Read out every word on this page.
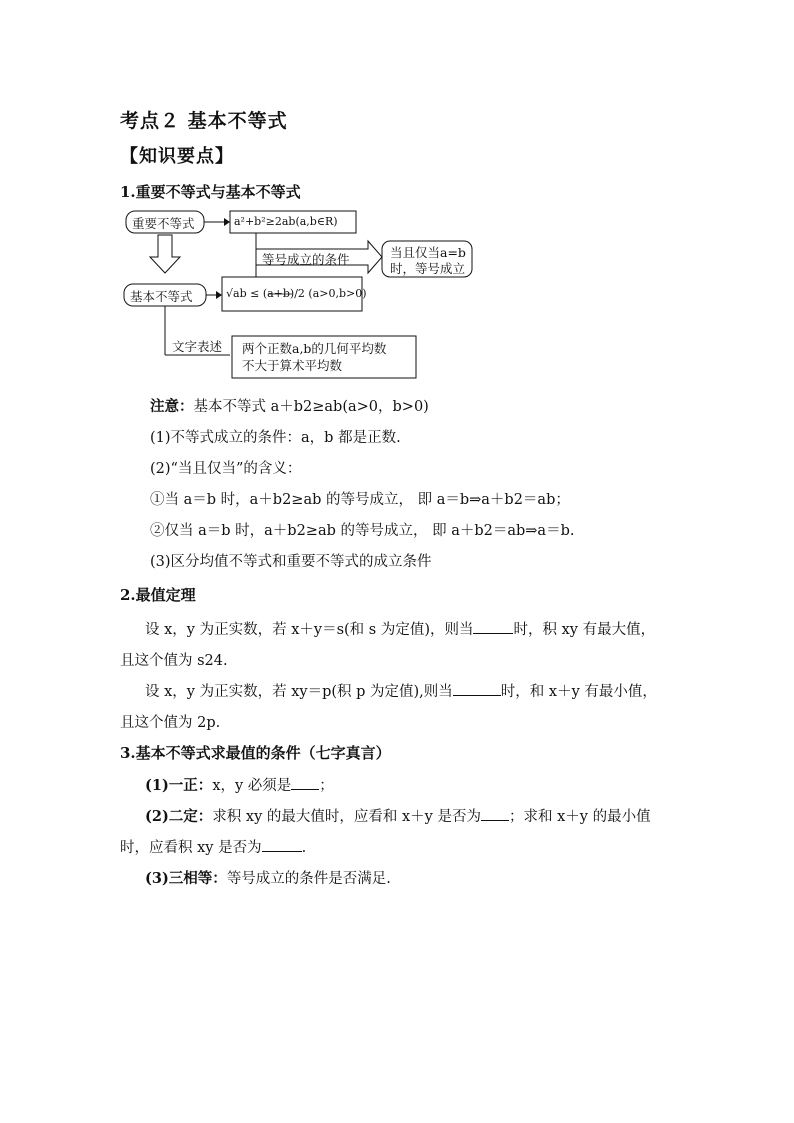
考点２ 基本不等式
【知识要点】
1.重要不等式与基本不等式
重要不等式	a²+b²≥2ab(a,b∈R)
基本不等式	√ab ≤ (a+b)/2 (a>0,b>0)
等号成立的条件	当且仅当a=b
时，等号成立
文字表述 两个正数a,b的几何平均数
不大于算术平均数
注意：基本不等式 a＋b2≥ab(a>0，b>0)
(1)不等式成立的条件：a，b 都是正数.
(2)“当且仅当”的含义：
①当 a＝b 时，a＋b2≥ab 的等号成立， 即 a＝b⇒a＋b2＝ab；
②仅当 a＝b 时，a＋b2≥ab 的等号成立， 即 a＋b2＝ab⇒a＝b.
(3)区分均值不等式和重要不等式的成立条件
2.最值定理
设 x，y 为正实数，若 x＋y＝s(和 s 为定值)，则当	时，积 xy 有最大值，
且这个值为 s24.
设 x，y 为正实数，若 xy＝p(积 p 为定值),则当	时，和 x＋y 有最小值，
且这个值为 2p.
3.基本不等式求最值的条件（七字真言）
(1)一正：x，y 必须是 ；
(2)二定：求积 xy 的最大值时，应看和 x＋y 是否为 ；求和 x＋y 的最小值
时，应看积 xy 是否为	.
(3)三相等：等号成立的条件是否满足.
